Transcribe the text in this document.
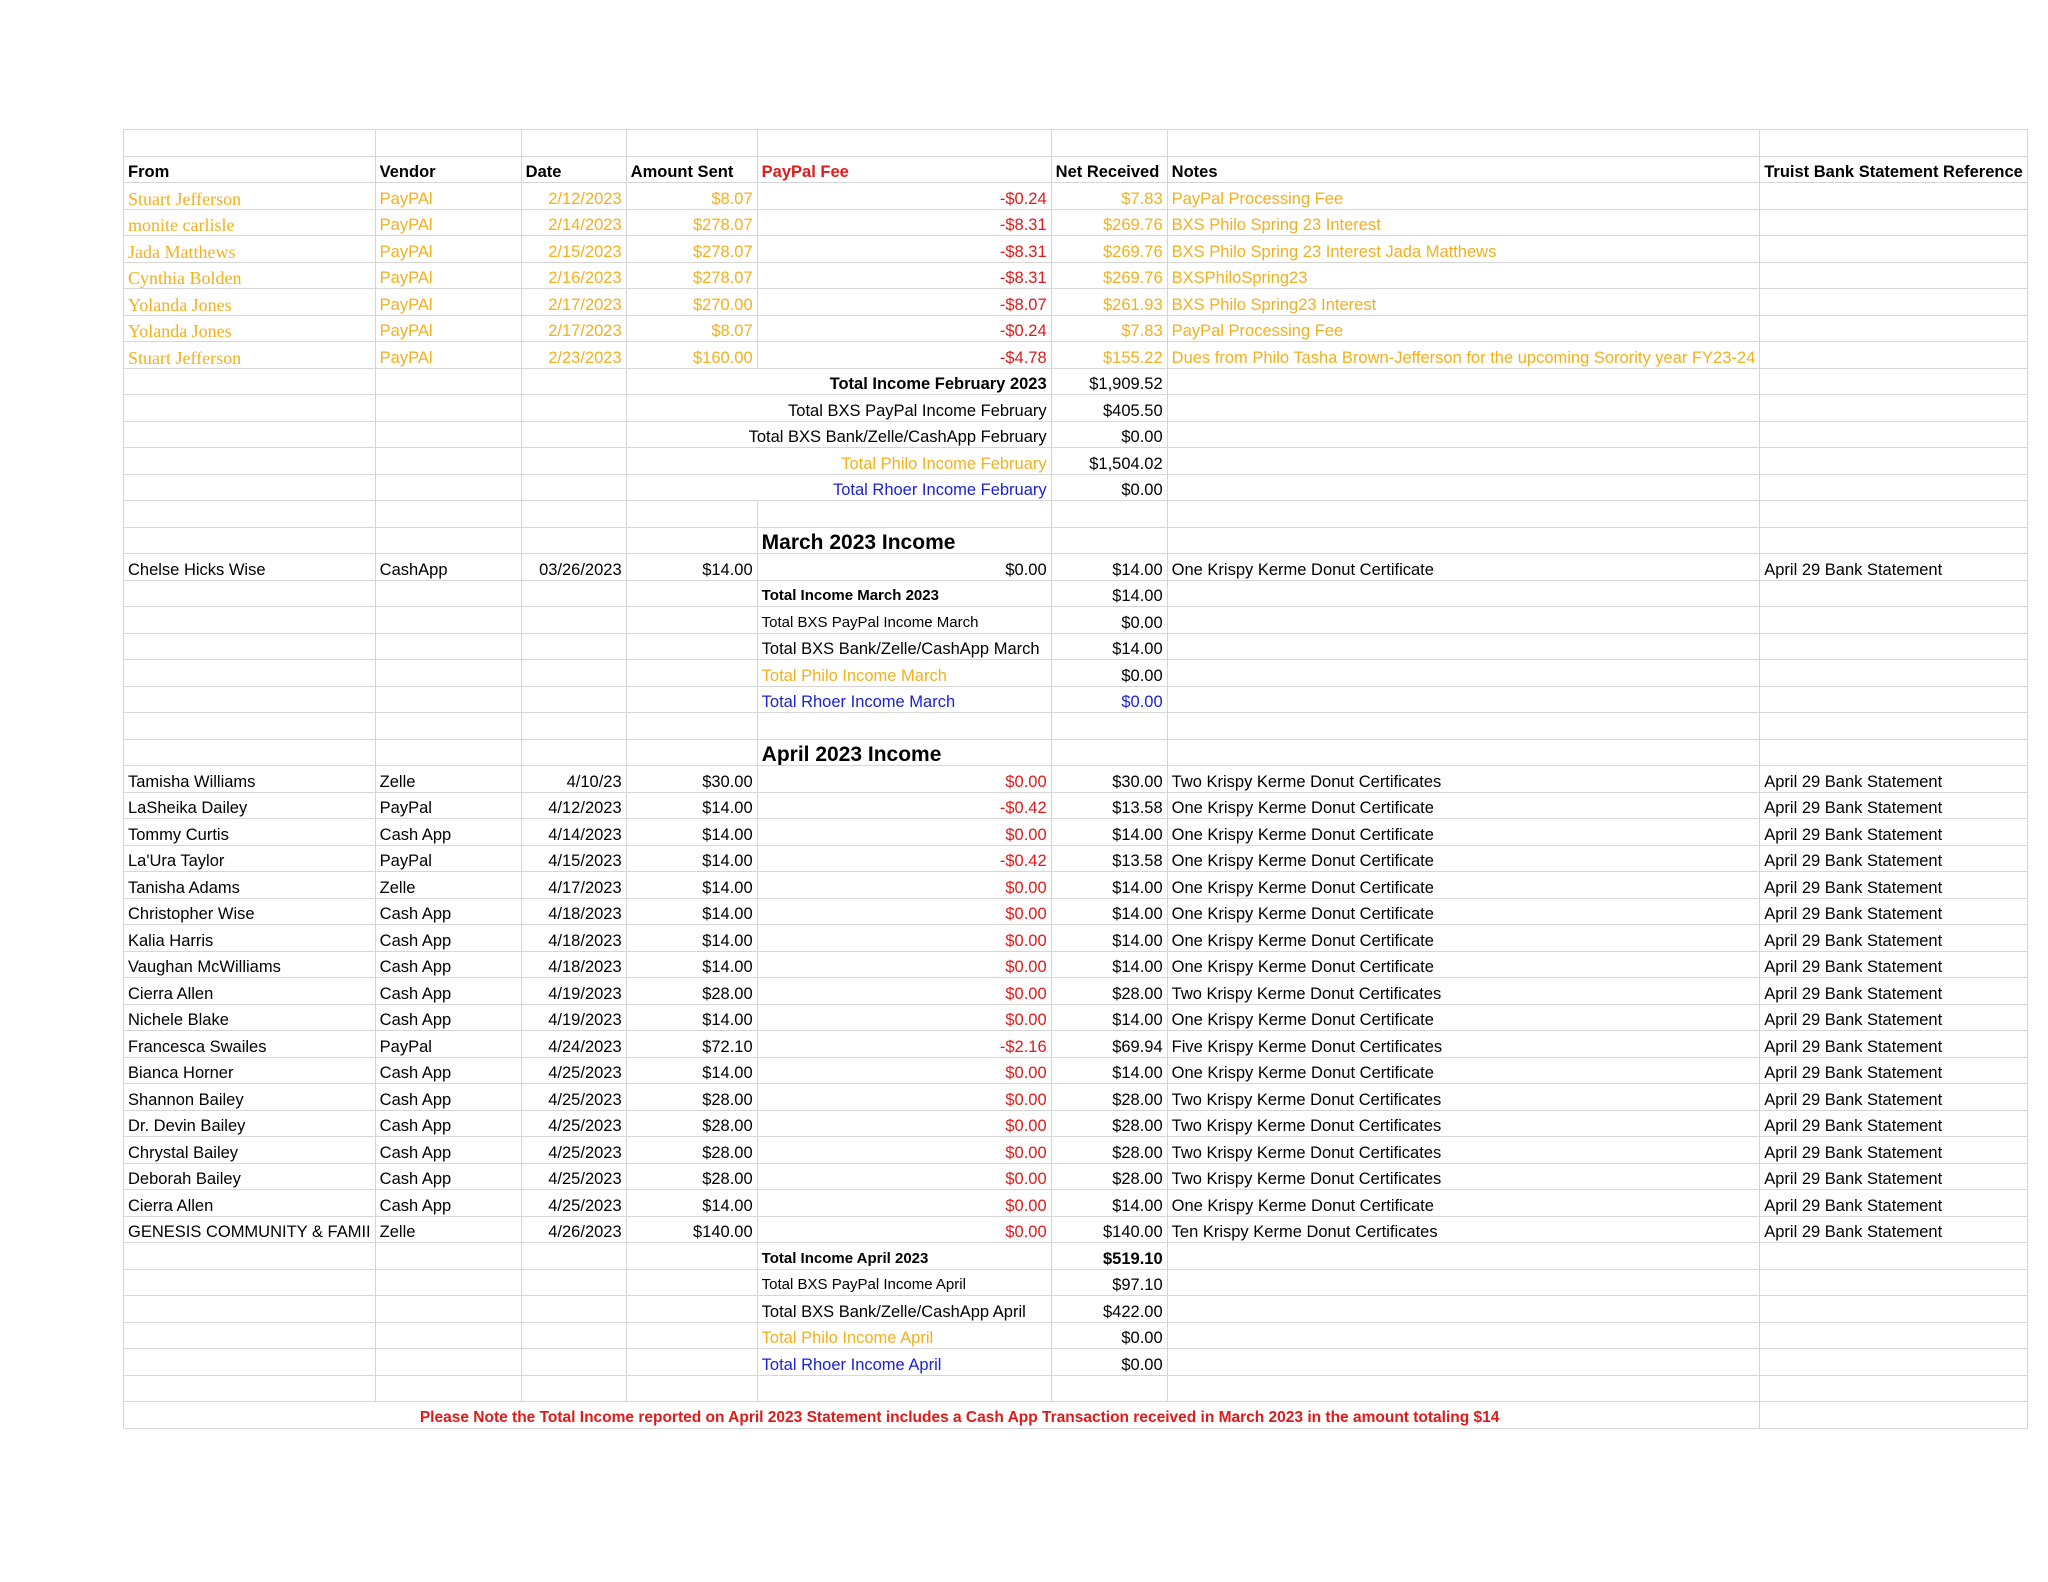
From	Vendor	Date	Amount Sent	PayPal Fee	Net Received	Notes	Truist Bank Statement Reference
Stuart Jefferson	PayPAl	2/12/2023	$8.07	-$0.24	$7.83	PayPal Processing Fee	
monite carlisle	PayPAl	2/14/2023	$278.07	-$8.31	$269.76	BXS Philo Spring 23 Interest	
Jada Matthews	PayPAl	2/15/2023	$278.07	-$8.31	$269.76	BXS Philo Spring 23 Interest Jada Matthews	
Cynthia Bolden	PayPAl	2/16/2023	$278.07	-$8.31	$269.76	BXSPhiloSpring23	
Yolanda Jones	PayPAl	2/17/2023	$270.00	-$8.07	$261.93	BXS Philo Spring23 Interest	
Yolanda Jones	PayPAl	2/17/2023	$8.07	-$0.24	$7.83	PayPal Processing Fee	
Stuart Jefferson	PayPAl	2/23/2023	$160.00	-$4.78	$155.22	Dues from Philo Tasha Brown-Jefferson for the upcoming Sorority year FY23-24	
			Total Income February 2023		$1,909.52		
			Total BXS PayPal Income February		$405.50		
			Total BXS Bank/Zelle/CashApp February		$0.00		
			Total Philo Income February		$1,504.02		
			Total Rhoer Income February		$0.00		

				March 2023 Income			
Chelse Hicks Wise	CashApp	03/26/2023	$14.00	$0.00	$14.00	One Krispy Kerme Donut Certificate	April 29 Bank Statement
				Total Income March 2023	$14.00		
				Total BXS PayPal Income March	$0.00		
				Total BXS Bank/Zelle/CashApp March	$14.00		
				Total Philo Income March	$0.00		
				Total Rhoer Income March	$0.00		

				April 2023 Income			
Tamisha Williams	Zelle	4/10/23	$30.00	$0.00	$30.00	Two Krispy Kerme Donut Certificates	April 29 Bank Statement
LaSheika Dailey	PayPal	4/12/2023	$14.00	-$0.42	$13.58	One Krispy Kerme Donut Certificate	April 29 Bank Statement
Tommy Curtis	Cash App	4/14/2023	$14.00	$0.00	$14.00	One Krispy Kerme Donut Certificate	April 29 Bank Statement
La'Ura Taylor	PayPal	4/15/2023	$14.00	-$0.42	$13.58	One Krispy Kerme Donut Certificate	April 29 Bank Statement
Tanisha Adams	Zelle	4/17/2023	$14.00	$0.00	$14.00	One Krispy Kerme Donut Certificate	April 29 Bank Statement
Christopher Wise	Cash App	4/18/2023	$14.00	$0.00	$14.00	One Krispy Kerme Donut Certificate	April 29 Bank Statement
Kalia Harris	Cash App	4/18/2023	$14.00	$0.00	$14.00	One Krispy Kerme Donut Certificate	April 29 Bank Statement
Vaughan McWilliams	Cash App	4/18/2023	$14.00	$0.00	$14.00	One Krispy Kerme Donut Certificate	April 29 Bank Statement
Cierra Allen	Cash App	4/19/2023	$28.00	$0.00	$28.00	Two Krispy Kerme Donut Certificates	April 29 Bank Statement
Nichele Blake	Cash App	4/19/2023	$14.00	$0.00	$14.00	One Krispy Kerme Donut Certificate	April 29 Bank Statement
Francesca Swailes	PayPal	4/24/2023	$72.10	-$2.16	$69.94	Five Krispy Kerme Donut Certificates	April 29 Bank Statement
Bianca Horner	Cash App	4/25/2023	$14.00	$0.00	$14.00	One Krispy Kerme Donut Certificate	April 29 Bank Statement
Shannon Bailey	Cash App	4/25/2023	$28.00	$0.00	$28.00	Two Krispy Kerme Donut Certificates	April 29 Bank Statement
Dr. Devin Bailey	Cash App	4/25/2023	$28.00	$0.00	$28.00	Two Krispy Kerme Donut Certificates	April 29 Bank Statement
Chrystal Bailey	Cash App	4/25/2023	$28.00	$0.00	$28.00	Two Krispy Kerme Donut Certificates	April 29 Bank Statement
Deborah Bailey	Cash App	4/25/2023	$28.00	$0.00	$28.00	Two Krispy Kerme Donut Certificates	April 29 Bank Statement
Cierra Allen	Cash App	4/25/2023	$14.00	$0.00	$14.00	One Krispy Kerme Donut Certificate	April 29 Bank Statement
GENESIS COMMUNITY & FAMII	Zelle	4/26/2023	$140.00	$0.00	$140.00	Ten Krispy Kerme Donut Certificates	April 29 Bank Statement
				Total Income April 2023	$519.10		
				Total BXS PayPal Income April	$97.10		
				Total BXS Bank/Zelle/CashApp April	$422.00		
				Total Philo Income April	$0.00		
				Total Rhoer Income April	$0.00		

Please Note the Total Income reported on April 2023 Statement includes a Cash App Transaction received in March 2023 in the amount totaling $14							
